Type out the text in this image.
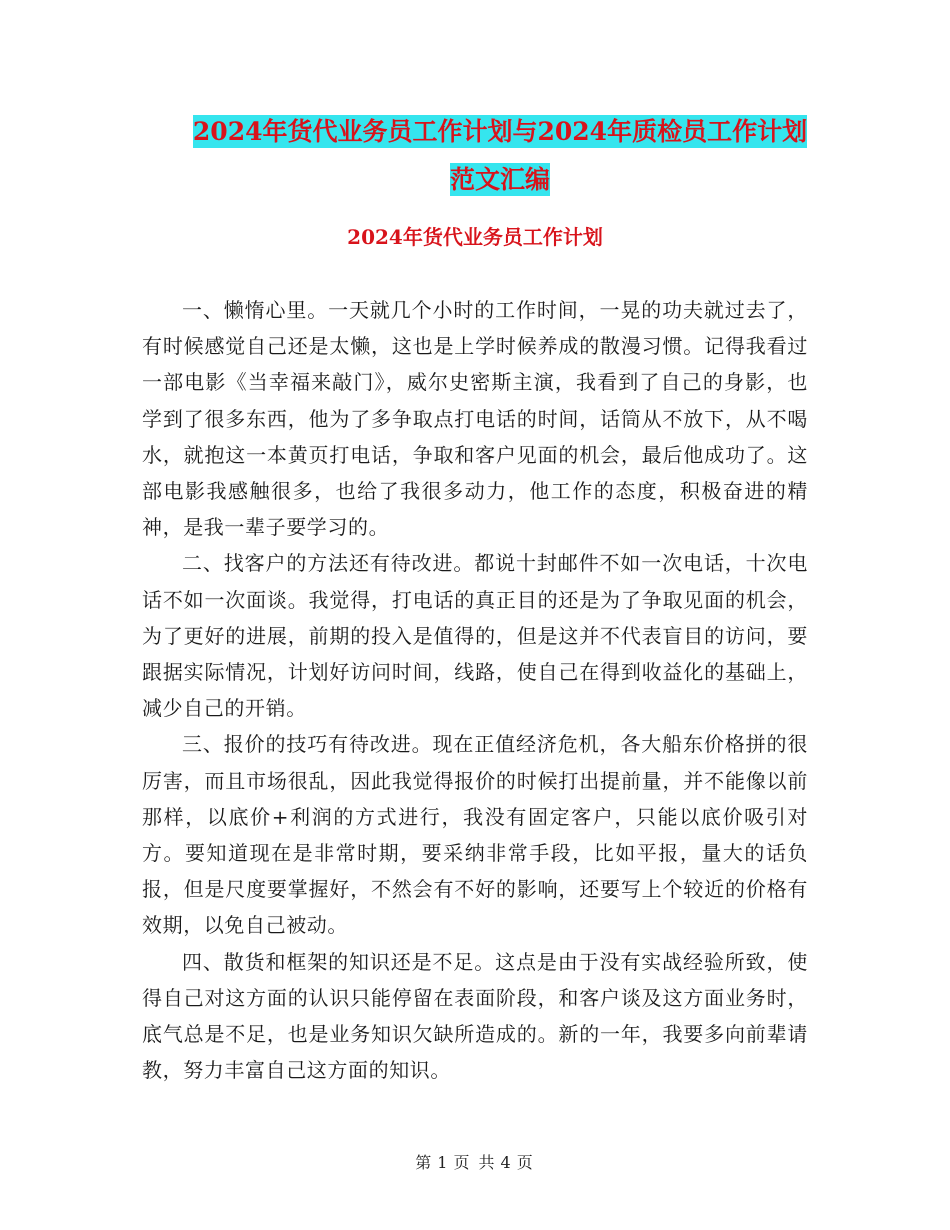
2024年货代业务员工作计划与2024年质检员工作计划
范文汇编
2024年货代业务员工作计划

一、懒惰心里。一天就几个小时的工作时间，一晃的功夫就过去了，有时候感觉自己还是太懒，这也是上学时候养成的散漫习惯。记得我看过一部电影《当幸福来敲门》，威尔史密斯主演，我看到了自己的身影，也学到了很多东西，他为了多争取点打电话的时间，话筒从不放下，从不喝水，就抱这一本黄页打电话，争取和客户见面的机会，最后他成功了。这部电影我感触很多，也给了我很多动力，他工作的态度，积极奋进的精神，是我一辈子要学习的。

二、找客户的方法还有待改进。都说十封邮件不如一次电话，十次电话不如一次面谈。我觉得，打电话的真正目的还是为了争取见面的机会，为了更好的进展，前期的投入是值得的，但是这并不代表盲目的访问，要跟据实际情况，计划好访问时间，线路，使自己在得到收益化的基础上，减少自己的开销。

三、报价的技巧有待改进。现在正值经济危机，各大船东价格拼的很厉害，而且市场很乱，因此我觉得报价的时候打出提前量，并不能像以前那样，以底价+利润的方式进行，我没有固定客户，只能以底价吸引对方。要知道现在是非常时期，要采纳非常手段，比如平报，量大的话负报，但是尺度要掌握好，不然会有不好的影响，还要写上个较近的价格有效期，以免自己被动。

四、散货和框架的知识还是不足。这点是由于没有实战经验所致，使得自己对这方面的认识只能停留在表面阶段，和客户谈及这方面业务时，底气总是不足，也是业务知识欠缺所造成的。新的一年，我要多向前辈请教，努力丰富自己这方面的知识。

第 1 页 共 4 页
